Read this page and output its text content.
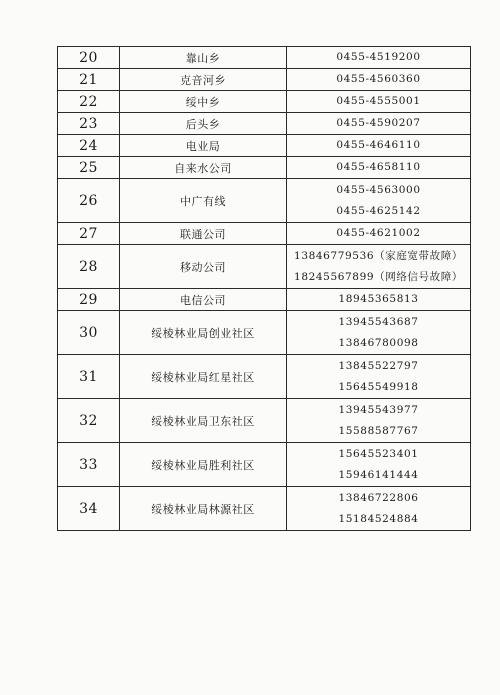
20	靠山乡	0455-4519200

21	克音河乡	0455-4560360

22	绥中乡	0455-4555001

23	后头乡	0455-4590207

24	电业局	0455-4646110

25	自来水公司	0455-4658110

26	中广有线	0455-4563000
0455-4625142

27	联通公司	0455-4621002

28	移动公司	13846779536（家庭宽带故障）
18245567899（网络信号故障）

29	电信公司	18945365813

30	绥棱林业局创业社区	13945543687
13846780098

31	绥棱林业局红星社区	13845522797
15645549918

32	绥棱林业局卫东社区	13945543977
15588587767

33	绥棱林业局胜利社区	15645523401
15946141444

34	绥棱林业局林源社区	13846722806
15184524884
